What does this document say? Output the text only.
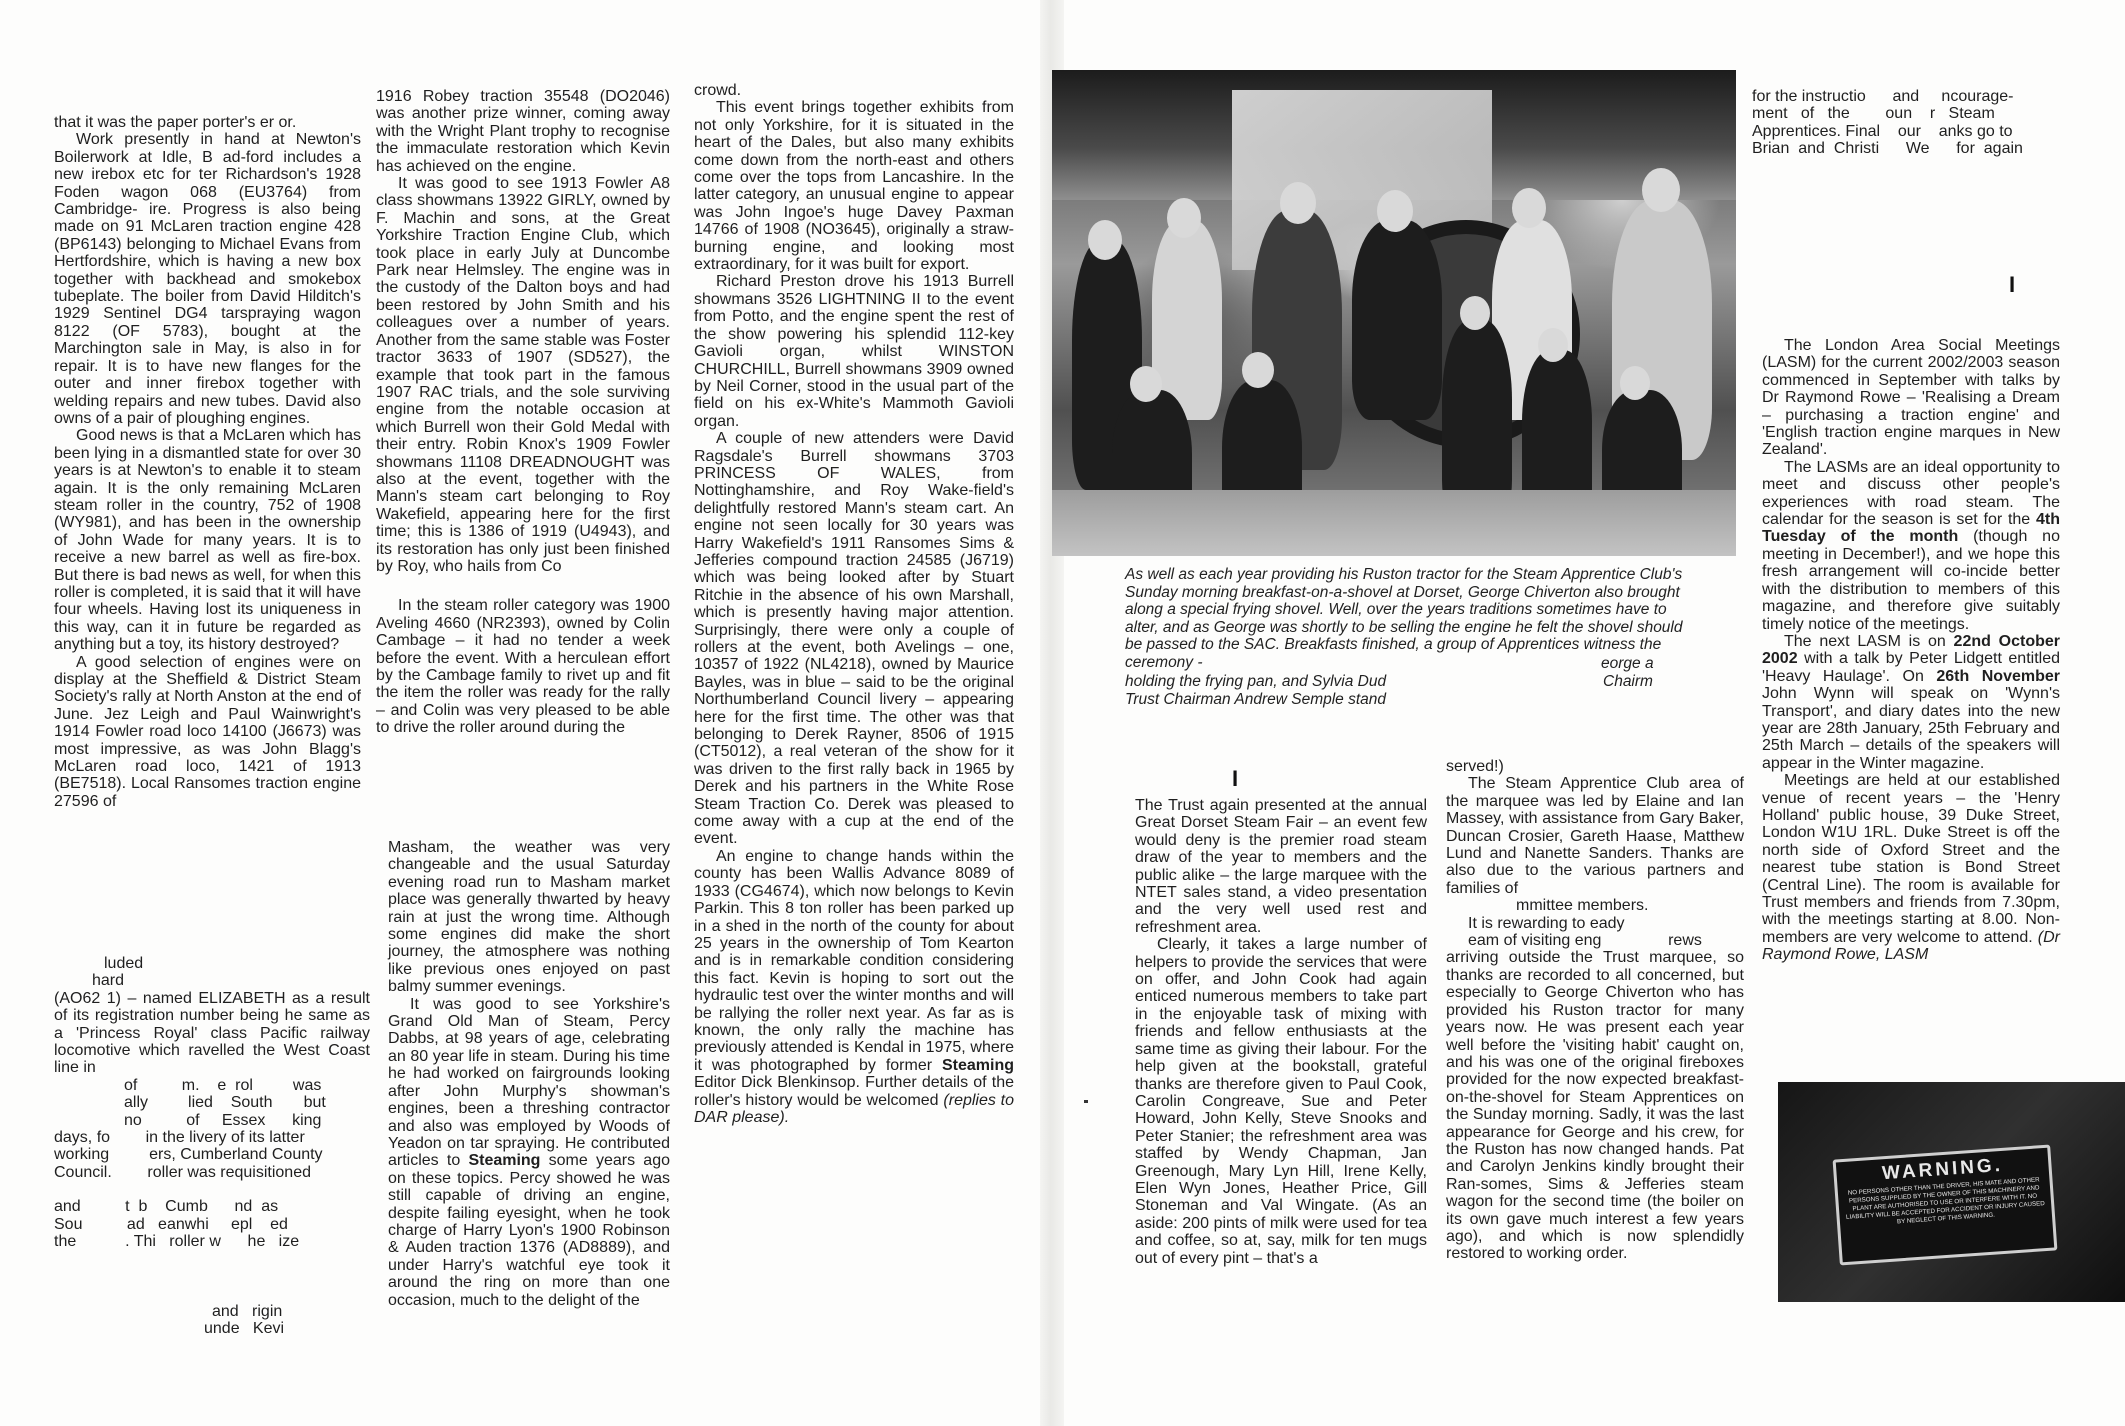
that it was the paper porter's er or.

Work presently in hand at Newton's Boilerwork at Idle, B ad-ford includes a new irebox etc for ter Richardson's 1928 Foden wagon 068 (EU3764) from Cambridge- ire. Progress is also being made on 91 McLaren traction engine 428 (BP6143) belonging to Michael Evans from Hertfordshire, which is having a new box together with backhead and smokebox tubeplate. The boiler from David Hilditch's 1929 Sentinel DG4 tarspraying wagon 8122 (OF 5783), bought at the Marchington sale in May, is also in for repair. It is to have new flanges for the outer and inner firebox together with welding repairs and new tubes. David also owns of a pair of ploughing engines.

Good news is that a McLaren which has been lying in a dismantled state for over 30 years is at Newton's to enable it to steam again. It is the only remaining McLaren steam roller in the country, 752 of 1908 (WY981), and has been in the ownership of John Wade for many years. It is to receive a new barrel as well as fire-box. But there is bad news as well, for when this roller is completed, it is said that it will have four wheels. Having lost its uniqueness in this way, can it in future be regarded as anything but a toy, its history destroyed?

A good selection of engines were on display at the Sheffield & District Steam Society's rally at North Anston at the end of June. Jez Leigh and Paul Wainwright's 1914 Fowler road loco 14100 (J6673) was most impressive, as was John Blagg's McLaren road loco, 1421 of 1913 (BE7518). Local Ransomes traction engine 27596 of

luded
hard

(AO62 1) – named ELIZABETH as a result of its registration number being he same as a 'Princess Royal' class Pacific railway locomotive which ravelled the West Coast line in

of          m.    e  rol         was
ally         lied    South       but
no          of     Essex      king
days, fo        in the livery of its latter
working         ers, Cumberland County
Council.        roller was requisitioned
and          t  b    Cumb      nd  as
Sou          ad   eanwhi     epl    ed
the           . Thi   roller w      he   ize
and   rigin
unde   Kevi

1916 Robey traction 35548 (DO2046) was another prize winner, coming away with the Wright Plant trophy to recognise the immaculate restoration which Kevin has achieved on the engine.

It was good to see 1913 Fowler A8 class showmans 13922 GIRLY, owned by F. Machin and sons, at the Great Yorkshire Traction Engine Club, which took place in early July at Duncombe Park near Helmsley. The engine was in the custody of the Dalton boys and had been restored by John Smith and his colleagues over a number of years. Another from the same stable was Foster tractor 3633 of 1907 (SD527), the example that took part in the famous 1907 RAC trials, and the sole surviving engine from the notable occasion at which Burrell won their Gold Medal with their entry. Robin Knox's 1909 Fowler showmans 11108 DREADNOUGHT was also at the event, together with the Mann's steam cart belonging to Roy Wakefield, appearing here for the first time; this is 1386 of 1919 (U4943), and its restoration has only just been finished by Roy, who hails from Co

In the steam roller category was 1900 Aveling 4660 (NR2393), owned by Colin Cambage – it had no tender a week before the event. With a herculean effort by the Cambage family to rivet up and fit the item the roller was ready for the rally – and Colin was very pleased to be able to drive the roller around during the

Masham, the weather was very changeable and the usual Saturday evening road run to Masham market place was generally thwarted by heavy rain at just the wrong time. Although some engines did make the short journey, the atmosphere was nothing like previous ones enjoyed on past balmy summer evenings.

It was good to see Yorkshire's Grand Old Man of Steam, Percy Dabbs, at 98 years of age, celebrating an 80 year life in steam. During his time he had worked on fairgrounds looking after John Murphy's showman's engines, been a threshing contractor and also was employed by Woods of Yeadon on tar spraying. He contributed articles to Steaming some years ago on these topics. Percy showed he was still capable of driving an engine, despite failing eyesight, when he took charge of Harry Lyon's 1900 Robinson & Auden traction 1376 (AD8889), and under Harry's watchful eye took it around the ring on more than one occasion, much to the delight of the

crowd.

This event brings together exhibits from not only Yorkshire, for it is situated in the heart of the Dales, but also many exhibits come down from the north-east and others come over the tops from Lancashire. In the latter category, an unusual engine to appear was John Ingoe's huge Davey Paxman 14766 of 1908 (NO3645), originally a straw-burning engine, and looking most extraordinary, for it was built for export.

Richard Preston drove his 1913 Burrell showmans 3526 LIGHTNING II to the event from Potto, and the engine spent the rest of the show powering his splendid 112-key Gavioli organ, whilst WINSTON CHURCHILL, Burrell showmans 3909 owned by Neil Corner, stood in the usual part of the field on his ex-White's Mammoth Gavioli organ.

A couple of new attenders were David Ragsdale's Burrell showmans 3703 PRINCESS OF WALES, from Nottinghamshire, and Roy Wake-field's delightfully restored Mann's steam cart. An engine not seen locally for 30 years was Harry Wakefield's 1911 Ransomes Sims & Jefferies compound traction 24585 (J6719) which was being looked after by Stuart Ritchie in the absence of his own Marshall, which is presently having major attention. Surprisingly, there were only a couple of rollers at the event, both Avelings – one, 10357 of 1922 (NL4218), owned by Maurice Bayles, was in blue – said to be the original Northumberland Council livery – appearing here for the first time. The other was that belonging to Derek Rayner, 8506 of 1915 (CT5012), a real veteran of the show for it was driven to the first rally back in 1965 by Derek and his partners in the White Rose Steam Traction Co. Derek was pleased to come away with a cup at the end of the event.

An engine to change hands within the county has been Wallis Advance 8089 of 1933 (CG4674), which now belongs to Kevin Parkin. This 8 ton roller has been parked up in a shed in the north of the county for about 25 years in the ownership of Tom Kearton and is in remarkable condition considering this fact. Kevin is hoping to sort out the hydraulic test over the winter months and will be rallying the roller next year. As far as is known, the only rally the machine has previously attended is Kendal in 1975, where it was photographed by former Steaming Editor Dick Blenkinsop. Further details of the roller's history would be welcomed (replies to DAR please).

As well as each year providing his Ruston tractor for the Steam Apprentice Club's Sunday morning breakfast-on-a-shovel at Dorset, George Chiverton also brought along a special frying shovel. Well, over the years traditions sometimes have to alter, and as George was shortly to be selling the engine he felt the shovel should be passed to the SAC. Breakfasts finished, a group of Apprentices witness the ceremony -	eorge a
Chairm
holding the frying pan, and Sylvia Dud
Trust Chairman Andrew Semple stand
I
I

The Trust again presented at the annual Great Dorset Steam Fair – an event few would deny is the premier road steam draw of the year to members and the public alike – the large marquee with the NTET sales stand, a video presentation and the very well used rest and refreshment area.

Clearly, it takes a large number of helpers to provide the services that were on offer, and John Cook had again enticed numerous members to take part in the enjoyable task of mixing with friends and fellow enthusiasts at the same time as giving their labour. For the help given at the bookstall, grateful thanks are therefore given to Paul Cook, Carolin Congreave, Sue and Peter Howard, John Kelly, Steve Snooks and Peter Stanier; the refreshment area was staffed by Wendy Chapman, Jan Greenough, Mary Lyn Hill, Irene Kelly, Elen Wyn Jones, Heather Price, Gill Stoneman and Val Wingate. (As an aside: 200 pints of milk were used for tea and coffee, so at, say, milk for ten mugs out of every pint – that's a

served!)

The Steam Apprentice Club area of the marquee was led by Elaine and Ian Massey, with assistance from Gary Baker, Duncan Crosier, Gareth Haase, Matthew Lund and Nanette Sanders. Thanks are also due to the various partners and families of

mmittee members.

It is rewarding to eady

eam of visiting eng               rews

arriving outside the Trust marquee, so thanks are recorded to all concerned, but especially to George Chiverton who has provided his Ruston tractor for many years now. He was present each year well before the 'visiting habit' caught on, and his was one of the original fireboxes provided for the now expected breakfast-on-the-shovel for Steam Apprentices on the Sunday morning. Sadly, it was the last appearance for George and his crew, for the Ruston has now changed hands. Pat and Carolyn Jenkins kindly brought their Ran-somes, Sims & Jefferies steam wagon for the second time (the boiler on its own gave much interest a few years ago), and which is now splendidly restored to working order.

for the instructio      and     ncourage-
ment   of   the        oun    r   Steam
Apprentices. Final    our    anks go to
Brian  and  Christi      We      for  again

The London Area Social Meetings (LASM) for the current 2002/2003 season commenced in September with talks by Dr Raymond Rowe – 'Realising a Dream – purchasing a traction engine' and 'English traction engine marques in New Zealand'.

The LASMs are an ideal opportunity to meet and discuss other people's experiences with road steam. The calendar for the season is set for the 4th Tuesday of the month (though no meeting in December!), and we hope this fresh arrangement will co-incide better with the distribution to members of this magazine, and therefore give suitably timely notice of the meetings.

The next LASM is on 22nd October 2002 with a talk by Peter Lidgett entitled 'Heavy Haulage'. On 26th November John Wynn will speak on 'Wynn's Transport', and diary dates into the new year are 28th January, 25th February and 25th March – details of the speakers will appear in the Winter magazine.

Meetings are held at our established venue of recent years – the 'Henry Holland' public house, 39 Duke Street, London W1U 1RL. Duke Street is off the north side of Oxford Street and the nearest tube station is Bond Street (Central Line). The room is available for Trust members and friends from 7.30pm, with the meetings starting at 8.00. Non-members are very welcome to attend. (Dr Raymond Rowe, LASM

WARNING.
NO PERSONS OTHER THAN THE DRIVER, HIS MATE AND OTHER PERSONS SUPPLIED BY THE OWNER OF THIS MACHINERY AND PLANT ARE AUTHORISED TO USE OR INTERFERE WITH IT. NO LIABILITY WILL BE ACCEPTED FOR ACCIDENT OR INJURY CAUSED BY NEGLECT OF THIS WARNING.
